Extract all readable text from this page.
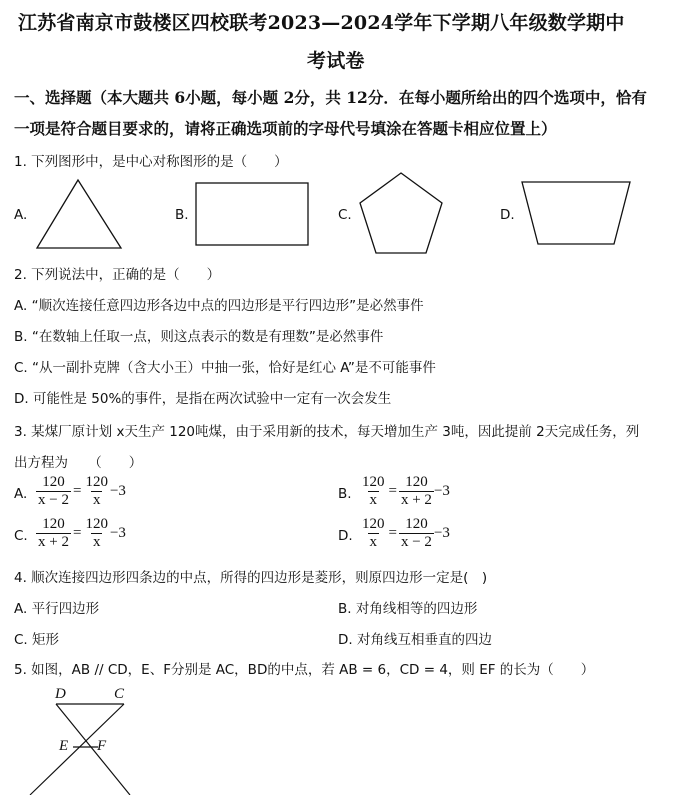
江苏省南京市鼓楼区四校联考2023—2024学年下学期八年级数学期中
考试卷
一、选择题（本大题共 6小题，每小题 2分，共 12分．在每小题所给出的四个选项中，恰有
一项是符合题目要求的，请将正确选项前的字母代号填涂在答题卡相应位置上）
1. 下列图形中，是中心对称图形的是（　　）
A.	B.	C.	D.
2. 下列说法中，正确的是（　　）
A. “顺次连接任意四边形各边中点的四边形是平行四边形”是必然事件
B. “在数轴上任取一点，则这点表示的数是有理数”是必然事件
C. “从一副扑克牌（含大小王）中抽一张，恰好是红心 A”是不可能事件
D. 可能性是 50%的事件，是指在两次试验中一定有一次会发生
3. 某煤厂原计划 x天生产 120吨煤，由于采用新的技术，每天增加生产 3吨，因此提前 2天完成任务，列
出方程为　　（　　）
A. $\frac{120}{x - 2} = \frac{120}{x} -3$	B. $\frac{120}{x} = \frac{120}{x + 2} -3$
C. $\frac{120}{x + 2} = \frac{120}{x} -3$	D. $\frac{120}{x} = \frac{120}{x - 2} -3$
4. 顺次连接四边形四条边的中点，所得的四边形是菱形，则原四边形一定是(　)
A. 平行四边形	B. 对角线相等的四边形
C. 矩形	D. 对角线互相垂直的四边
5. 如图，AB // CD，E、F分别是 AC，BD的中点，若 AB = 6，CD = 4，则 EF 的长为（　　）
D	C
E F
